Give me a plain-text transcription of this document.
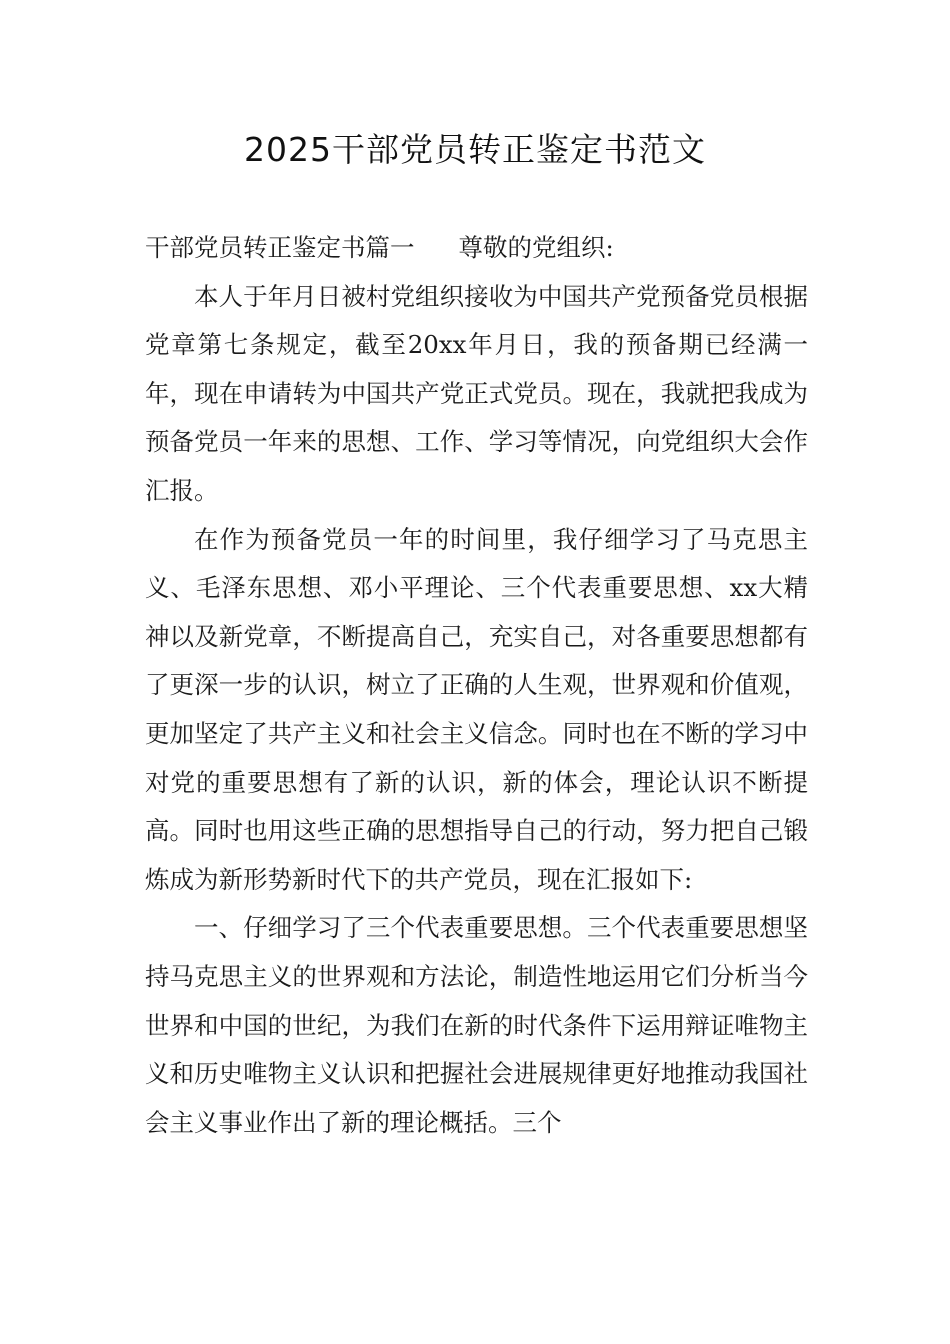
2025干部党员转正鉴定书范文

干部党员转正鉴定书篇一 尊敬的党组织:

本人于年月日被村党组织接收为中国共产党预备党员根据党章第七条规定，截至20xx年月日，我的预备期已经满一年，现在申请转为中国共产党正式党员。现在，我就把我成为预备党员一年来的思想、工作、学习等情况，向党组织大会作汇报。

在作为预备党员一年的时间里，我仔细学习了马克思主义、毛泽东思想、邓小平理论、三个代表重要思想、xx大精神以及新党章，不断提高自己，充实自己，对各重要思想都有了更深一步的认识，树立了正确的人生观，世界观和价值观，更加坚定了共产主义和社会主义信念。同时也在不断的学习中对党的重要思想有了新的认识，新的体会，理论认识不断提高。同时也用这些正确的思想指导自己的行动，努力把自己锻炼成为新形势新时代下的共产党员，现在汇报如下:

一、仔细学习了三个代表重要思想。三个代表重要思想坚持马克思主义的世界观和方法论，制造性地运用它们分析当今世界和中国的世纪，为我们在新的时代条件下运用辩证唯物主义和历史唯物主义认识和把握社会进展规律更好地推动我国社会主义事业作出了新的理论概括。三个
